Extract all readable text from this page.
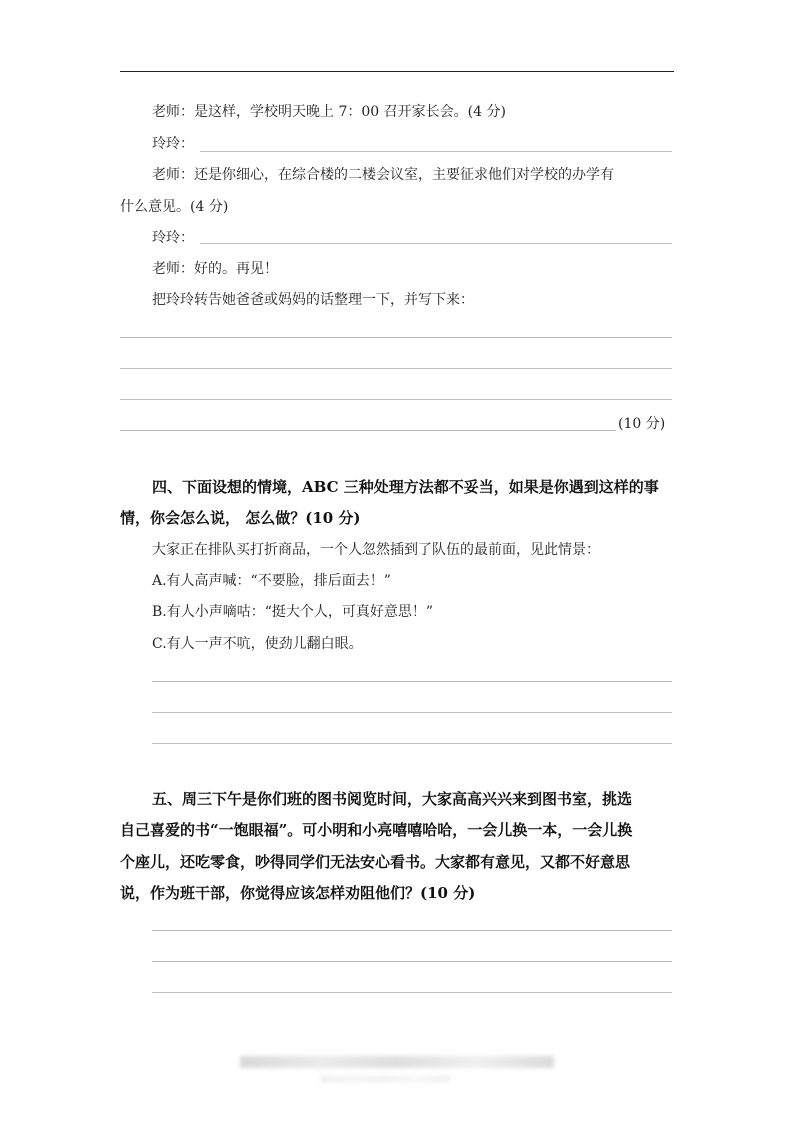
老师：是这样，学校明天晚上 7：00 召开家长会。(4 分)
玲玲：
老师：还是你细心，在综合楼的二楼会议室，主要征求他们对学校的办学有
什么意见。(4 分)
玲玲：
老师：好的。再见！
把玲玲转告她爸爸或妈妈的话整理一下，并写下来：
(10 分)
四、下面设想的情境，ABC 三种处理方法都不妥当，如果是你遇到这样的事
情，你会怎么说， 怎么做？(10 分)
大家正在排队买打折商品，一个人忽然插到了队伍的最前面，见此情景：
A.有人高声喊：“不要脸，排后面去！”
B.有人小声嘀咕：“挺大个人，可真好意思！”
C.有人一声不吭，使劲儿翻白眼。
五、周三下午是你们班的图书阅览时间，大家高高兴兴来到图书室，挑选
自己喜爱的书“一饱眼福”。可小明和小亮嘻嘻哈哈，一会儿换一本，一会儿换
个座儿，还吃零食，吵得同学们无法安心看书。大家都有意见，又都不好意思
说，作为班干部，你觉得应该怎样劝阻他们？(10 分)
